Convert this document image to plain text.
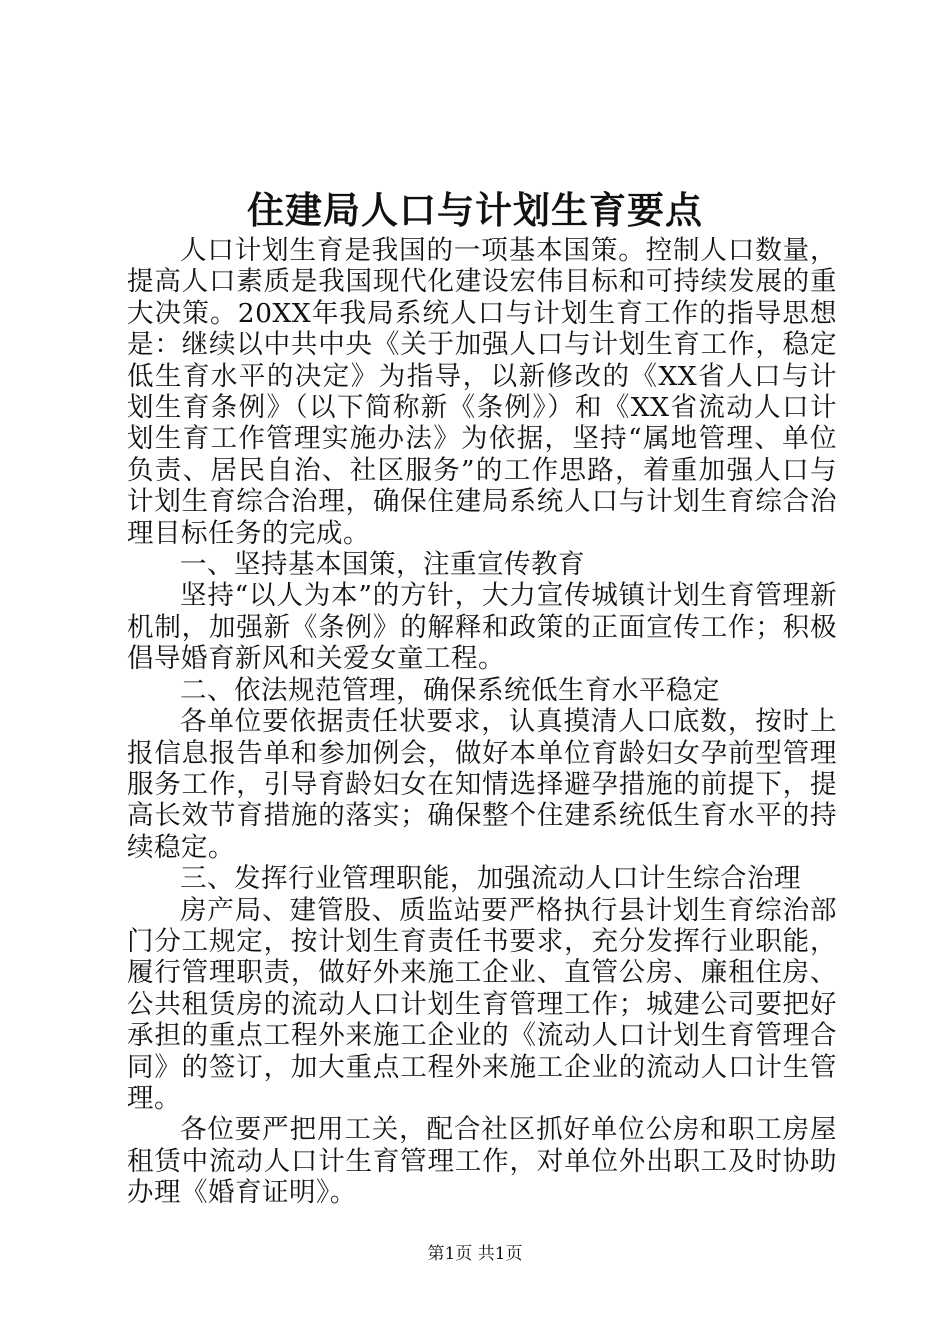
住建局人口与计划生育要点

人口计划生育是我国的一项基本国策。控制人口数量，提高人口素质是我国现代化建设宏伟目标和可持续发展的重大决策。20XX年我局系统人口与计划生育工作的指导思想是：继续以中共中央《关于加强人口与计划生育工作，稳定低生育水平的决定》为指导，以新修改的《XX省人口与计划生育条例》（以下简称新《条例》）和《XX省流动人口计划生育工作管理实施办法》为依据，坚持“属地管理、单位负责、居民自治、社区服务”的工作思路，着重加强人口与计划生育综合治理，确保住建局系统人口与计划生育综合治理目标任务的完成。

一、坚持基本国策，注重宣传教育

坚持“以人为本”的方针，大力宣传城镇计划生育管理新机制，加强新《条例》的解释和政策的正面宣传工作；积极倡导婚育新风和关爱女童工程。

二、依法规范管理，确保系统低生育水平稳定

各单位要依据责任状要求，认真摸清人口底数，按时上报信息报告单和参加例会，做好本单位育龄妇女孕前型管理服务工作，引导育龄妇女在知情选择避孕措施的前提下，提高长效节育措施的落实；确保整个住建系统低生育水平的持续稳定。

三、发挥行业管理职能，加强流动人口计生综合治理

房产局、建管股、质监站要严格执行县计划生育综治部门分工规定，按计划生育责任书要求，充分发挥行业职能，履行管理职责，做好外来施工企业、直管公房、廉租住房、公共租赁房的流动人口计划生育管理工作；城建公司要把好承担的重点工程外来施工企业的《流动人口计划生育管理合同》的签订，加大重点工程外来施工企业的流动人口计生管理。

各位要严把用工关，配合社区抓好单位公房和职工房屋租赁中流动人口计生育管理工作，对单位外出职工及时协助办理《婚育证明》。

第1页 共1页
